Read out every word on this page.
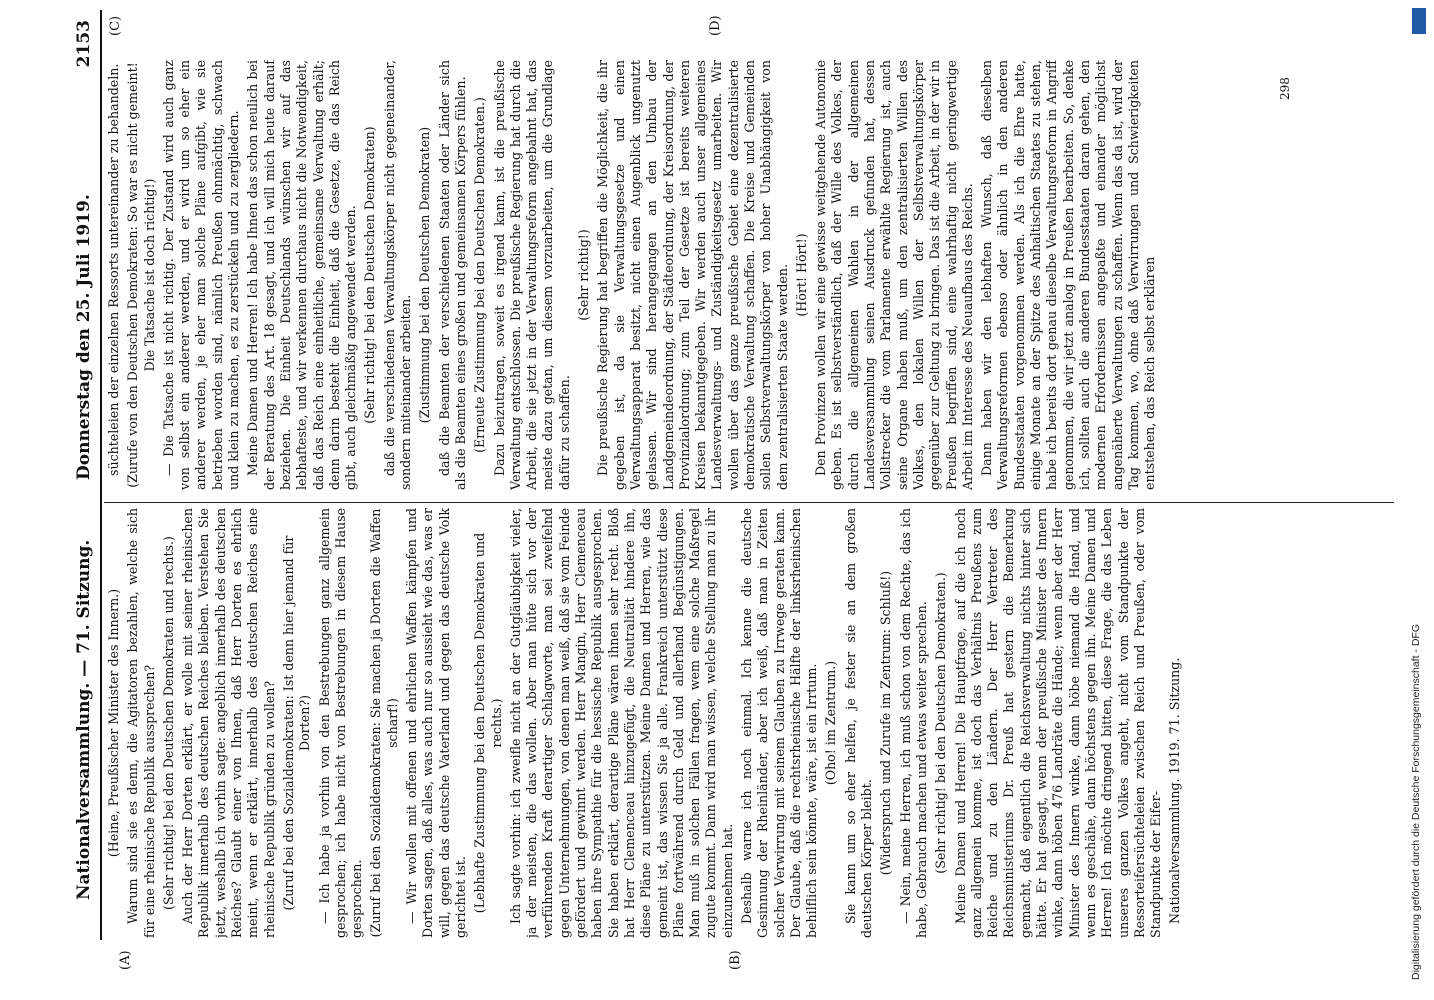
Digitalisierung gefördert durch die Deutsche Forschungsgemeinschaft - DFG
Nationalversammlung. — 71. Sitzung.
Donnerstag den 25. Juli 1919.
2153
(A)	(B)
(C)	(D)

(Heine, Preußischer Minister des Innern.) Warum sind sie es denn, die Agitatoren bezahlen, welche sich für eine rheinische Republik aussprechen? (Sehr richtig! bei den Deutschen Demokraten und rechts.) Auch der Herr Dorten erklärt, er wolle mit seiner rheinischen Republik innerhalb des deutschen Reiches bleiben. Verstehen Sie jetzt, weshalb ich vorhin sagte: angeblich innerhalb des deutschen Reiches? Glaubt einer von Ihnen, daß Herr Dorten es ehrlich meint, wenn er erklärt, innerhalb des deutschen Reiches eine rheinische Republik gründen zu wollen? (Zuruf bei den Sozialdemokraten: Ist denn hier jemand für Dorten?) — Ich habe ja vorhin von den Bestrebungen ganz allgemein gesprochen; ich habe nicht von Bestrebungen in diesem Hause gesprochen. (Zuruf bei den Sozialdemokraten: Sie machen ja Dorten die Waffen scharf!) — Wir wollen mit offenen und ehrlichen Waffen kämpfen und Dorten sagen, daß alles, was auch nur so aussieht wie das, was er will, gegen das deutsche Vaterland und gegen das deutsche Volk gerichtet ist. (Lebhafte Zustimmung bei den Deutschen Demokraten und rechts.) Ich sagte vorhin: ich zweifle nicht an der Gutgläubigkeit vieler, ja der meisten, die das wollen. Aber man hüte sich vor der verführenden Kraft derartiger Schlagworte, man sei zweifelnd gegen Unternehmungen, von denen man weiß, daß sie vom Feinde gefördert und gewinnt werden. Herr Mangin, Herr Clemenceau haben ihre Sympathie für die hessische Republik ausgesprochen. Sie haben erklärt, derartige Pläne wären ihnen sehr recht. Bloß hat Herr Clemenceau hinzugefügt, die Neutralität hindere ihn, diese Pläne zu unterstützen. Meine Damen und Herren, wie das gemeint ist, das wissen Sie ja alle. Frankreich unterstützt diese Pläne fortwährend durch Geld und allerhand Begünstigungen. Man muß in solchen Fällen fragen, wem eine solche Maßregel zugute kommt. Dann wird man wissen, welche Stellung man zu ihr einzunehmen hat. Deshalb warne ich noch einmal. Ich kenne die deutsche Gesinnung der Rheinländer, aber ich weiß, daß man in Zeiten solcher Verwirrung mit seinem Glauben zu Irrwege geraten kann. Der Glaube, daß die rechtsrheinische Hälfte der linksrheinischen behilflich sein könnte, wäre, ist ein Irrtum. (Oho! im Zentrum.) Sie kann um so eher helfen, je fester sie an dem großen deutschen Körper bleibt. (Widerspruch und Zurufe im Zentrum: Schluß!) — Nein, meine Herren, ich muß schon von dem Rechte, das ich habe, Gebrauch machen und etwas weiter sprechen. (Sehr richtig! bei den Deutschen Demokraten.) Meine Damen und Herren! Die Hauptfrage, auf die ich noch ganz allgemein komme, ist doch das Verhältnis Preußens zum Reiche und zu den Ländern. Der Herr Vertreter des Reichsministeriums Dr. Preuß hat gestern die Bemerkung gemacht, daß eigentlich die Reichsverwaltung nichts hinter sich hätte. Er hat gesagt, wenn der preußische Minister des Innern winke, dann höben 476 Landräte die Hände; wenn aber der Herr Minister des Innern winke, dann höbe niemand die Hand, und wenn es geschähe, dann höchstens gegen ihn. Meine Damen und Herren! Ich möchte dringend bitten, diese Frage, die das Leben unseres ganzen Volkes angeht, nicht vom Standpunkte der Ressorteifersüchteleien zwischen Reich und Preußen, oder vom Standpunkte der Eifer- Nationalversammlung. 1919. 71. Sitzung.

süchteleien der einzelnen Ressorts untereinander zu behandeln. (Zurufe von den Deutschen Demokraten: So war es nicht gemeint! Die Tatsache ist doch richtig!) — Die Tatsache ist nicht richtig. Der Zustand wird auch ganz von selbst ein anderer werden, und er wird um so eher ein anderer werden, je eher man solche Pläne aufgibt, wie sie betrieben worden sind, nämlich Preußen ohnmächtig, schwach und klein zu machen, es zu zerstückeln und zu zergliedern. Meine Damen und Herren! Ich habe Ihnen das schon neulich bei der Beratung des Art. 18 gesagt, und ich will mich heute darauf beziehen. Die Einheit Deutschlands wünschen wir auf das lebhafteste, und wir verkennen durchaus nicht die Notwendigkeit, daß das Reich eine einheitliche, gemeinsame Verwaltung erhält; denn darin besteht die Einheit, daß die Gesetze, die das Reich gibt, auch gleichmäßig angewendet werden. (Sehr richtig! bei den Deutschen Demokraten) daß die verschiedenen Verwaltungskörper nicht gegeneinander, sondern miteinander arbeiten. (Zustimmung bei den Deutschen Demokraten) daß die Beamten der verschiedenen Staaten oder Länder sich als die Beamten eines großen und gemeinsamen Körpers fühlen. (Erneute Zustimmung bei den Deutschen Demokraten.) Dazu beizutragen, soweit es irgend kann, ist die preußische Verwaltung entschlossen. Die preußische Regierung hat durch die Arbeit, die sie jetzt in der Verwaltungsreform angebahnt hat, das meiste dazu getan, um diesem vorzuarbeiten, um die Grundlage dafür zu schaffen.

(Sehr richtig!) Die preußische Regierung hat begriffen die Möglichkeit, die ihr gegeben ist, da sie Verwaltungsgesetze und einen Verwaltungsapparat besitzt, nicht einen Augenblick ungenutzt gelassen. Wir sind herangegangen an den Umbau der Landgemeindeordnung, der Städteordnung, der Kreisordnung, der Provinzialordnung; zum Teil der Gesetze ist bereits weiteren Kreisen bekanntgegeben. Wir werden auch unser allgemeines Landesverwaltungs- und Zuständigkeitsgesetz umarbeiten. Wir wollen über das ganze preußische Gebiet eine dezentralisierte demokratische Verwaltung schaffen. Die Kreise und Gemeinden sollen Selbstverwaltungskörper von hoher Unabhängigkeit von dem zentralisierten Staate werden. (Hört! Hört!) Den Provinzen wollen wir eine gewisse weitgehende Autonomie geben. Es ist selbstverständlich, daß der Wille des Volkes, der durch die allgemeinen Wahlen in der allgemeinen Landesversammlung seinen Ausdruck gefunden hat, dessen Vollstrecker die vom Parlamente erwählte Regierung ist, auch seine Organe haben muß, um den zentralisierten Willen des Volkes, den lokalen Willen der Selbstverwaltungskörper gegenüber zur Geltung zu bringen. Das ist die Arbeit, in der wir in Preußen begriffen sind, eine wahrhaftig nicht geringwertige Arbeit im Interesse des Neuaufbaus des Reichs. Dann haben wir den lebhaften Wunsch, daß dieselben Verwaltungsreformen ebenso oder ähnlich in den anderen Bundesstaaten vorgenommen werden. Als ich die Ehre hatte, einige Monate an der Spitze des Anhaltischen Staates zu stehen, habe ich bereits dort genau dieselbe Verwaltungsreform in Angriff genommen, die wir jetzt analog in Preußen bearbeiten. So, denke ich, sollten auch die anderen Bundesstaaten daran gehen, den modernen Erfordernissen angepaßte und einander möglichst angenäherte Verwaltungen zu schaffen. Wenn das da ist, wird der Tag kommen, wo, ohne daß Verwirrungen und Schwierigkeiten entstehen, das Reich selbst erklären

298
